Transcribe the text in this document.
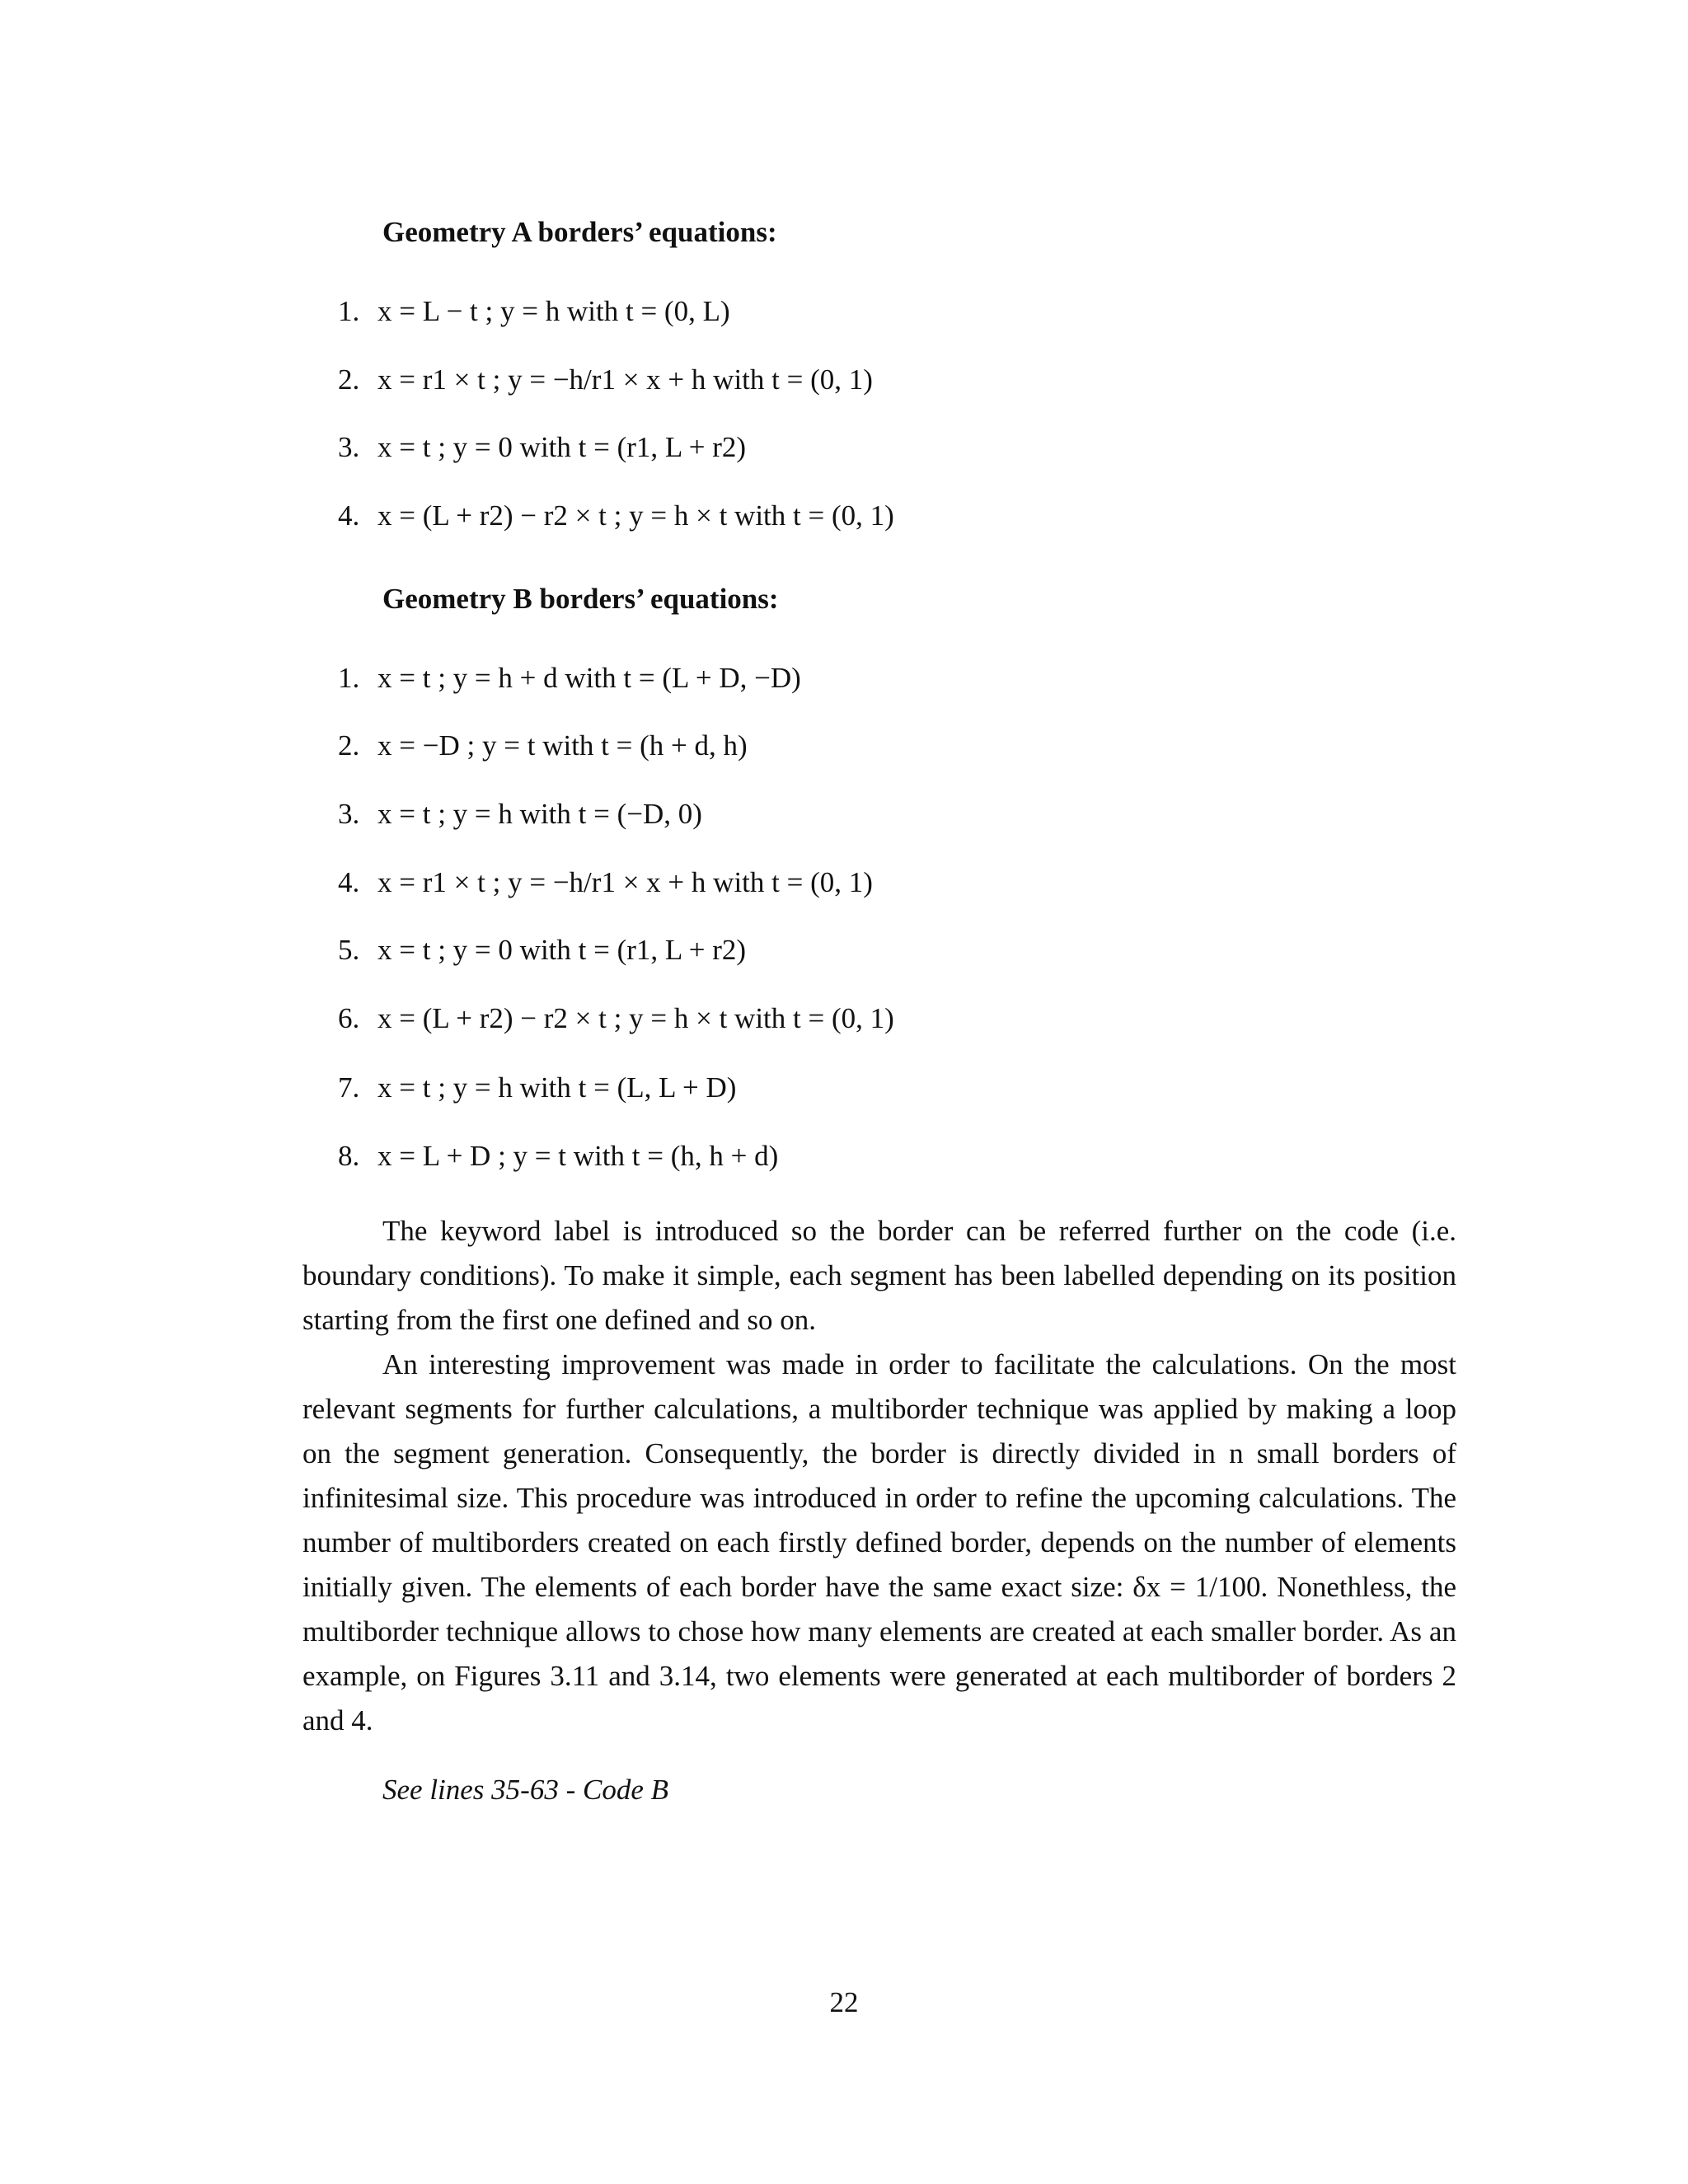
Geometry A borders’ equations:
1. x = L − t ; y = h with t = (0, L)
2. x = r1 × t ; y = −h/r1 × x + h with t = (0, 1)
3. x = t ; y = 0 with t = (r1, L + r2)
4. x = (L + r2) − r2 × t ; y = h × t with t = (0, 1)
Geometry B borders’ equations:
1. x = t ; y = h + d with t = (L + D, −D)
2. x = −D ; y = t with t = (h + d, h)
3. x = t ; y = h with t = (−D, 0)
4. x = r1 × t ; y = −h/r1 × x + h with t = (0, 1)
5. x = t ; y = 0 with t = (r1, L + r2)
6. x = (L + r2) − r2 × t ; y = h × t with t = (0, 1)
7. x = t ; y = h with t = (L, L + D)
8. x = L + D ; y = t with t = (h, h + d)

The keyword label is introduced so the border can be referred further on the code (i.e. boundary conditions). To make it simple, each segment has been labelled depending on its position starting from the first one defined and so on.

An interesting improvement was made in order to facilitate the calculations. On the most relevant segments for further calculations, a multiborder technique was applied by making a loop on the segment generation. Consequently, the border is directly divided in n small borders of infinitesimal size. This procedure was introduced in order to refine the upcoming calculations. The number of multiborders created on each firstly defined border, depends on the number of elements initially given. The elements of each border have the same exact size: δx = 1/100. Nonethless, the multiborder technique allows to chose how many elements are created at each smaller border. As an example, on Figures 3.11 and 3.14, two elements were generated at each multiborder of borders 2 and 4.

See lines 35-63 - Code B
22
